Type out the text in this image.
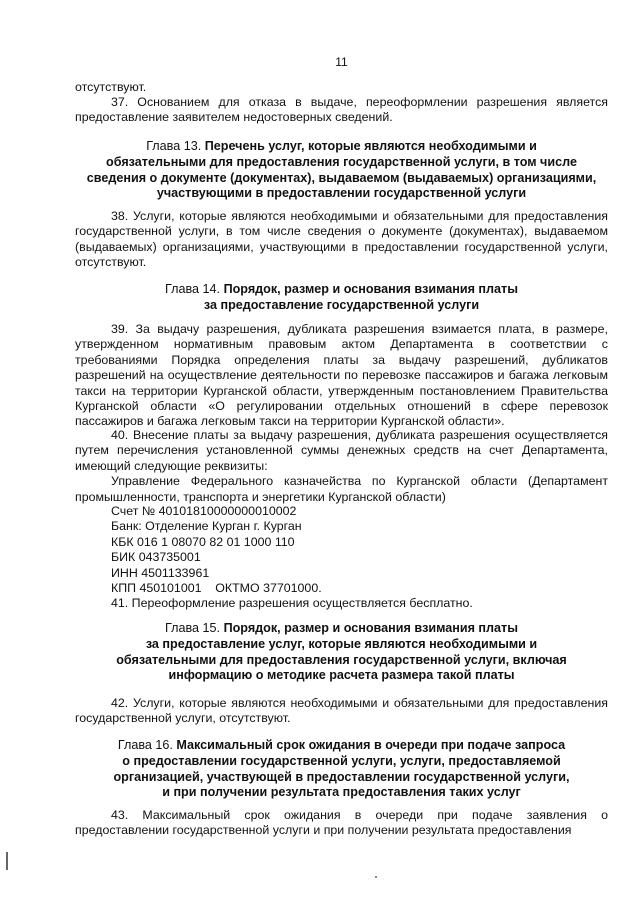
11

отсутствуют.

37. Основанием для отказа в выдаче, переоформлении разрешения является предоставление заявителем недостоверных сведений.

Глава 13. Перечень услуг, которые являются необходимыми и
обязательными для предоставления государственной услуги, в том числе
сведения о документе (документах), выдаваемом (выдаваемых) организациями,
участвующими в предоставлении государственной услуги

38. Услуги, которые являются необходимыми и обязательными для предоставления государственной услуги, в том числе сведения о документе (документах), выдаваемом (выдаваемых) организациями, участвующими в предоставлении государственной услуги, отсутствуют.

Глава 14. Порядок, размер и основания взимания платы
за предоставление государственной услуги

39. За выдачу разрешения, дубликата разрешения взимается плата, в размере, утвержденном нормативным правовым актом Департамента в соответствии с требованиями Порядка определения платы за выдачу разрешений, дубликатов разрешений на осуществление деятельности по перевозке пассажиров и багажа легковым такси на территории Курганской области, утвержденным постановлением Правительства Курганской области «О регулировании отдельных отношений в сфере перевозок пассажиров и багажа легковым такси на территории Курганской области».

40. Внесение платы за выдачу разрешения, дубликата разрешения осуществляется путем перечисления установленной суммы денежных средств на счет Департамента, имеющий следующие реквизиты:

Управление Федерального казначейства по Курганской области (Департамент промышленности, транспорта и энергетики Курганской области)

Счет № 40101810000000010002

Банк: Отделение Курган г. Курган

КБК 016 1 08070 82 01 1000 110

БИК 043735001

ИНН 4501133961

КПП 450101001    ОКТМО 37701000.

41. Переоформление разрешения осуществляется бесплатно.

Глава 15. Порядок, размер и основания взимания платы
за предоставление услуг, которые являются необходимыми и
обязательными для предоставления государственной услуги, включая
информацию о методике расчета размера такой платы

42. Услуги, которые являются необходимыми и обязательными для предоставления государственной услуги, отсутствуют.

Глава 16. Максимальный срок ожидания в очереди при подаче запроса
о предоставлении государственной услуги, услуги, предоставляемой
организацией, участвующей в предоставлении государственной услуги,
и при получении результата предоставления таких услуг

43. Максимальный срок ожидания в очереди при подаче заявления о предоставлении государственной услуги и при получении результата предоставления
